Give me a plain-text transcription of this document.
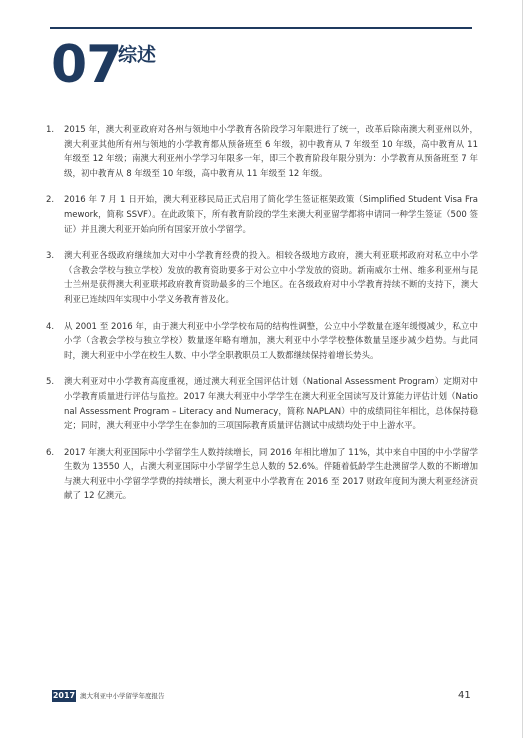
07
综述
1.	2015 年，澳大利亚政府对各州与领地中小学教育各阶段学习年限进行了统一，改革后除南澳大利亚州以外，澳大利亚其他所有州与领地的小学教育都从预备班至 6 年级，初中教育从 7 年级至 10 年级，高中教育从 11 年级至 12 年级；南澳大利亚州小学学习年限多一年，即三个教育阶段年限分别为：小学教育从预备班至 7 年级，初中教育从 8 年级至 10 年级，高中教育从 11 年级至 12 年级。
2.	2016 年 7 月 1 日开始，澳大利亚移民局正式启用了简化学生签证框架政策（Simplified Student Visa Framework，简称 SSVF）。在此政策下，所有教育阶段的学生来澳大利亚留学都将申请同一种学生签证（500 签证）并且澳大利亚开始向所有国家开放小学留学。
3.	澳大利亚各级政府继续加大对中小学教育经费的投入。相较各级地方政府，澳大利亚联邦政府对私立中小学（含教会学校与独立学校）发放的教育资助要多于对公立中小学发放的资助。新南威尔士州、维多利亚州与昆士兰州是获得澳大利亚联邦政府教育资助最多的三个地区。在各级政府对中小学教育持续不断的支持下，澳大利亚已连续四年实现中小学义务教育普及化。
4.	从 2001 至 2016 年，由于澳大利亚中小学学校布局的结构性调整，公立中小学数量在逐年缓慢减少，私立中小学（含教会学校与独立学校）数量逐年略有增加，澳大利亚中小学学校整体数量呈逐步减少趋势。与此同时，澳大利亚中小学在校生人数、中小学全职教职员工人数都继续保持着增长势头。
5.	澳大利亚对中小学教育高度重视，通过澳大利亚全国评估计划（National Assessment Program）定期对中小学教育质量进行评估与监控。2017 年澳大利亚中小学学生在澳大利亚全国读写及计算能力评估计划（National Assessment Program – Literacy and Numeracy，简称 NAPLAN）中的成绩同往年相比，总体保持稳定；同时，澳大利亚中小学学生在参加的三项国际教育质量评估测试中成绩均处于中上游水平。
6.	2017 年澳大利亚国际中小学留学生人数持续增长，同 2016 年相比增加了 11%，其中来自中国的中小学留学生数为 13550 人，占澳大利亚国际中小学留学生总人数的 52.6%。伴随着低龄学生赴澳留学人数的不断增加与澳大利亚中小学留学学费的持续增长，澳大利亚中小学教育在 2016 至 2017 财政年度间为澳大利亚经济贡献了 12 亿澳元。
2017 澳大利亚中小学留学年度报告	41
